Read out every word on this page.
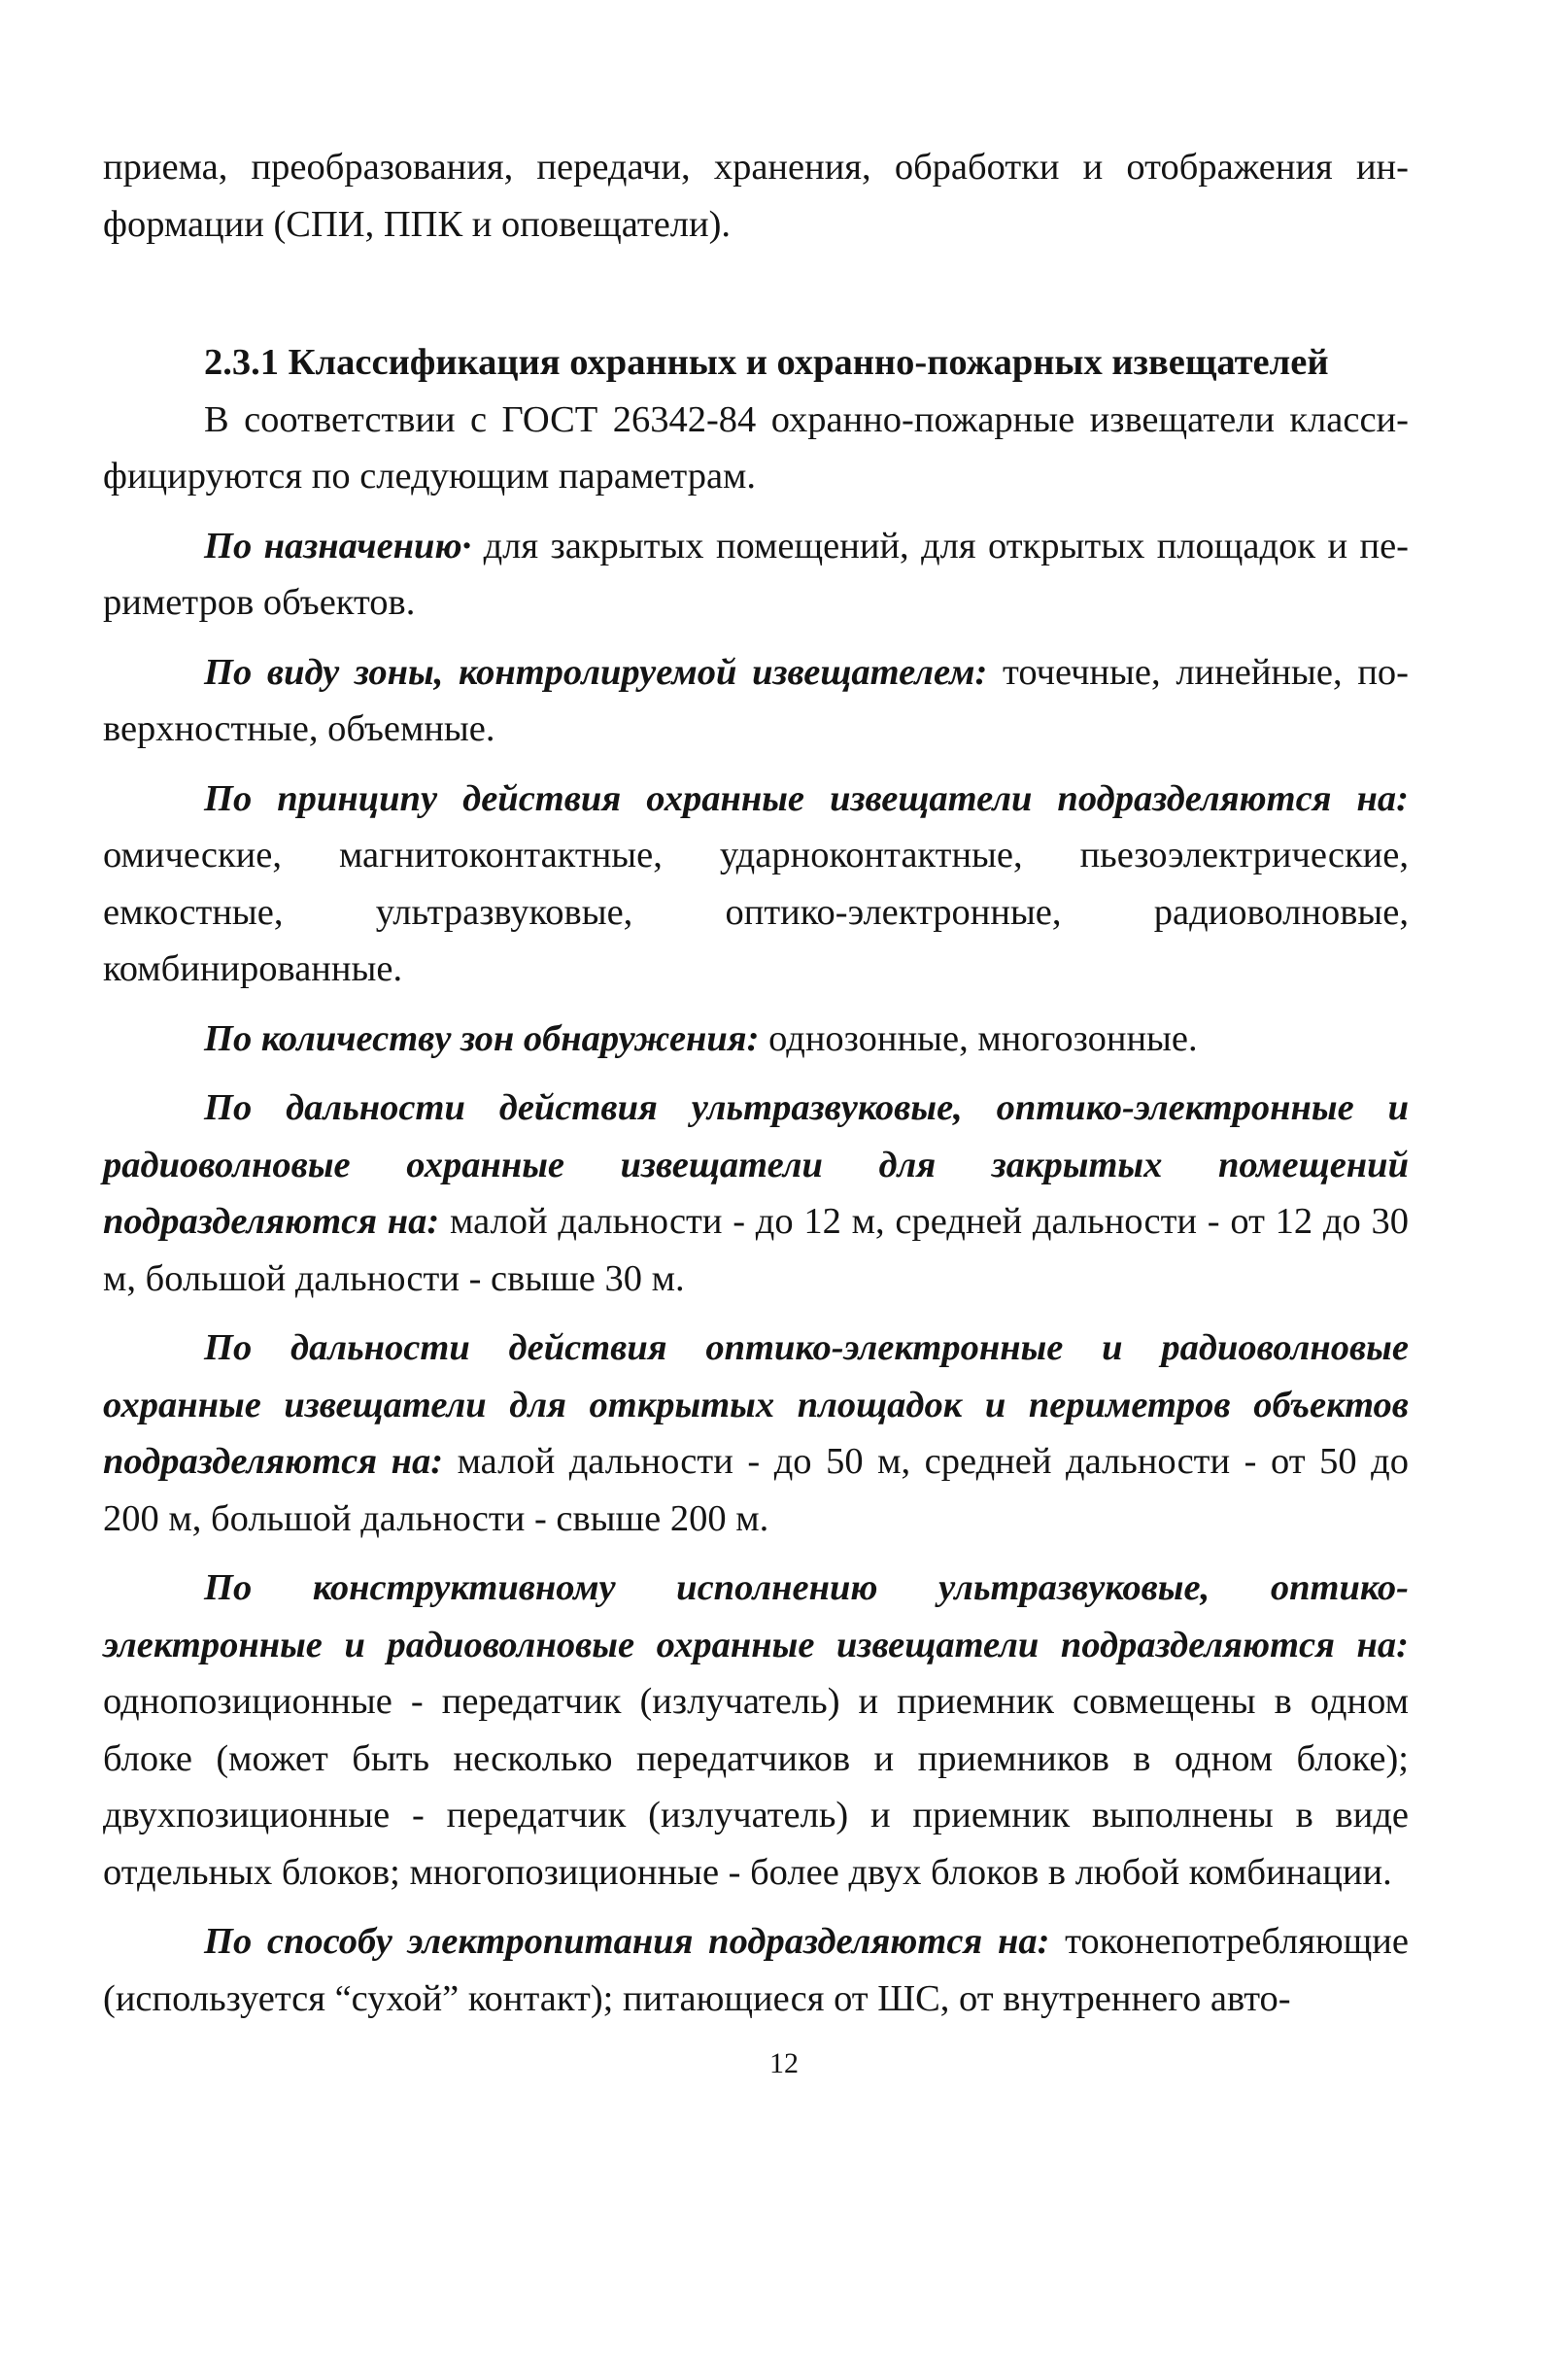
приема, преобразования, передачи, хранения, обработки и отображения информации (СПИ, ППК и оповещатели).

2.3.1 Классификация охранных и охранно-пожарных извещателей

В соответствии с ГОСТ 26342-84 охранно-пожарные извещатели классифицируются по следующим параметрам.

По назначению· для закрытых помещений, для открытых площадок и периметров объектов.

По виду зоны, контролируемой извещателем: точечные, линейные, поверхностные, объемные.

По принципу действия охранные извещатели подразделяются на: омические, магнитоконтактные, ударноконтактные, пьезоэлектрические, емкостные, ультразвуковые, оптико-электронные, радиоволновые, комбинированные.

По количеству зон обнаружения: однозонные, многозонные.

По дальности действия ультразвуковые, оптико-электронные и радиоволновые охранные извещатели для закрытых помещений подразделяются на: малой дальности - до 12 м, средней дальности - от 12 до 30 м, большой дальности - свыше 30 м.

По дальности действия оптико-электронные и радиоволновые охранные извещатели для открытых площадок и периметров объектов подразделяются на: малой дальности - до 50 м, средней дальности - от 50 до 200 м, большой дальности - свыше 200 м.

По конструктивному исполнению ультразвуковые, оптико-электронные и радиоволновые охранные извещатели подразделяются на: однопозиционные - передатчик (излучатель) и приемник совмещены в одном блоке (может быть несколько передатчиков и приемников в одном блоке); двухпозиционные - передатчик (излучатель) и приемник выполнены в виде отдельных блоков; многопозиционные - более двух блоков в любой комбинации.

По способу электропитания подразделяются на: токонепотребляющие (используется “сухой” контакт); питающиеся от ШС, от внутреннего авто-

12
